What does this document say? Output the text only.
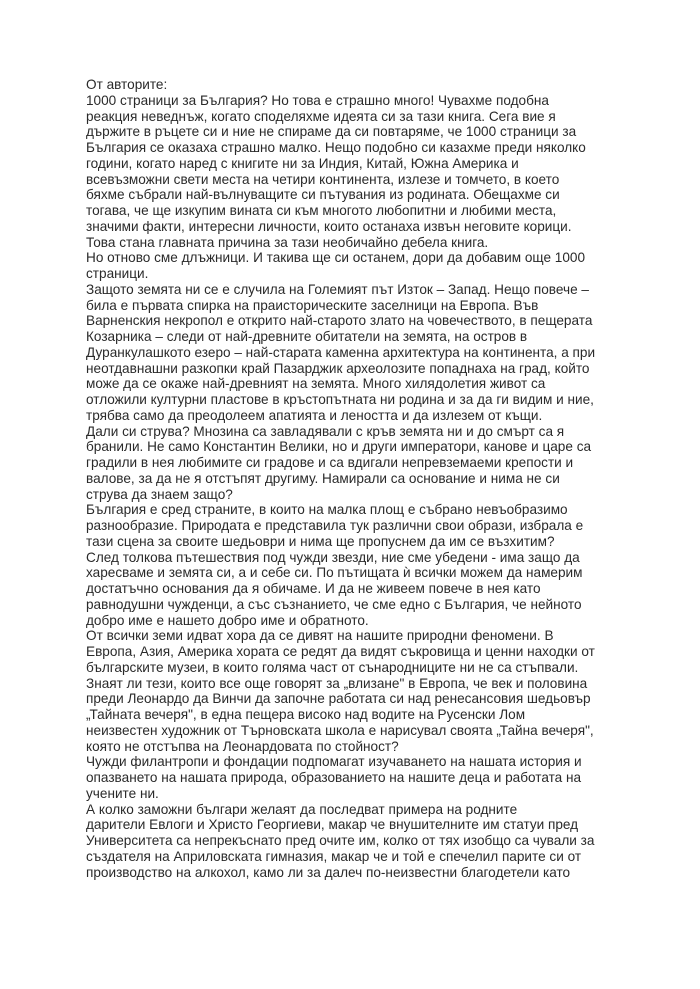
От авторите:
1000 страници за България? Но това е страшно много! Чувахме подобна
реакция неведнъж, когато споделяхме идеята си за тази книга. Сега вие я
държите в ръцете си и ние не спираме да си повтаряме, че 1000 страници за
България се оказаха страшно малко. Нещо подобно си казахме преди няколко
години, когато наред с книгите ни за Индия, Китай, Южна Америка и
всевъзможни свети места на четири континента, излезе и томчето, в което
бяхме събрали най-вълнуващите си пътувания из родината. Обещахме си
тогава, че ще изкупим вината си към многото любопитни и любими места,
значими факти, интересни личности, които останаха извън неговите корици.
Това стана главната причина за тази необичайно дебела книга.
Но отново сме длъжници. И такива ще си останем, дори да добавим още 1000
страници.
Защото земята ни се е случила на Големият път Изток – Запад. Нещо повече –
била е първата спирка на праисторическите заселници на Европа. Във
Варненския некропол е открито най-старото злато на човечеството, в пещерата
Козарника – следи от най-древните обитатели на земята, на остров в
Дуранкулашкото езеро – най-старата каменна архитектура на континента, а при
неотдавнашни разкопки край Пазарджик археолозите попаднаха на град, който
може да се окаже най-древният на земята. Много хилядолетия живот са
отложили културни пластове в кръстопътната ни родина и за да ги видим и ние,
трябва само да преодолеем апатията и леността и да излезем от къщи.
Дали си струва? Мнозина са завладявали с кръв земята ни и до смърт са я
бранили. Не само Константин Велики, но и други императори, канове и царе са
градили в нея любимите си градове и са вдигали непревземаеми крепости и
валове, за да не я отстъпят другиму. Намирали са основание и нима не си
струва да знаем защо?
България е сред страните, в които на малка площ е събрано невъобразимо
разнообразие. Природата е представила тук различни свои образи, избрала е
тази сцена за своите шедьоври и нима ще пропуснем да им се възхитим?
След толкова пътешествия под чужди звезди, ние сме убедени - има защо да
харесваме и земята си, а и себе си. По пътищата ѝ всички можем да намерим
достатъчно основания да я обичаме. И да не живеем повече в нея като
равнодушни чужденци, а със съзнанието, че сме едно с България, че нейното
добро име е нашето добро име и обратното.
От всички земи идват хора да се дивят на нашите природни феномени. В
Европа, Азия, Америка хората се редят да видят съкровища и ценни находки от
българските музеи, в които голяма част от сънародниците ни не са стъпвали.
Знаят ли тези, които все още говорят за „влизане" в Европа, че век и половина
преди Леонардо да Винчи да започне работата си над ренесансовия шедьовър
„Тайната вечеря", в една пещера високо над водите на Русенски Лом
неизвестен художник от Търновската школа е нарисувал своята „Тайна вечеря",
която не отстъпва на Леонардовата по стойност?
Чужди филантропи и фондации подпомагат изучаването на нашата история и
опазването на нашата природа, образованието на нашите деца и работата на
учените ни.
А колко заможни българи желаят да последват примера на родните
дарители Евлоги и Христо Георгиеви, макар че внушителните им статуи пред
Университета са непрекъснато пред очите им, колко от тях изобщо са чували за
създателя на Априловската гимназия, макар че и той е спечелил парите си от
производство на алкохол, камо ли за далеч по-неизвестни благодетели като
